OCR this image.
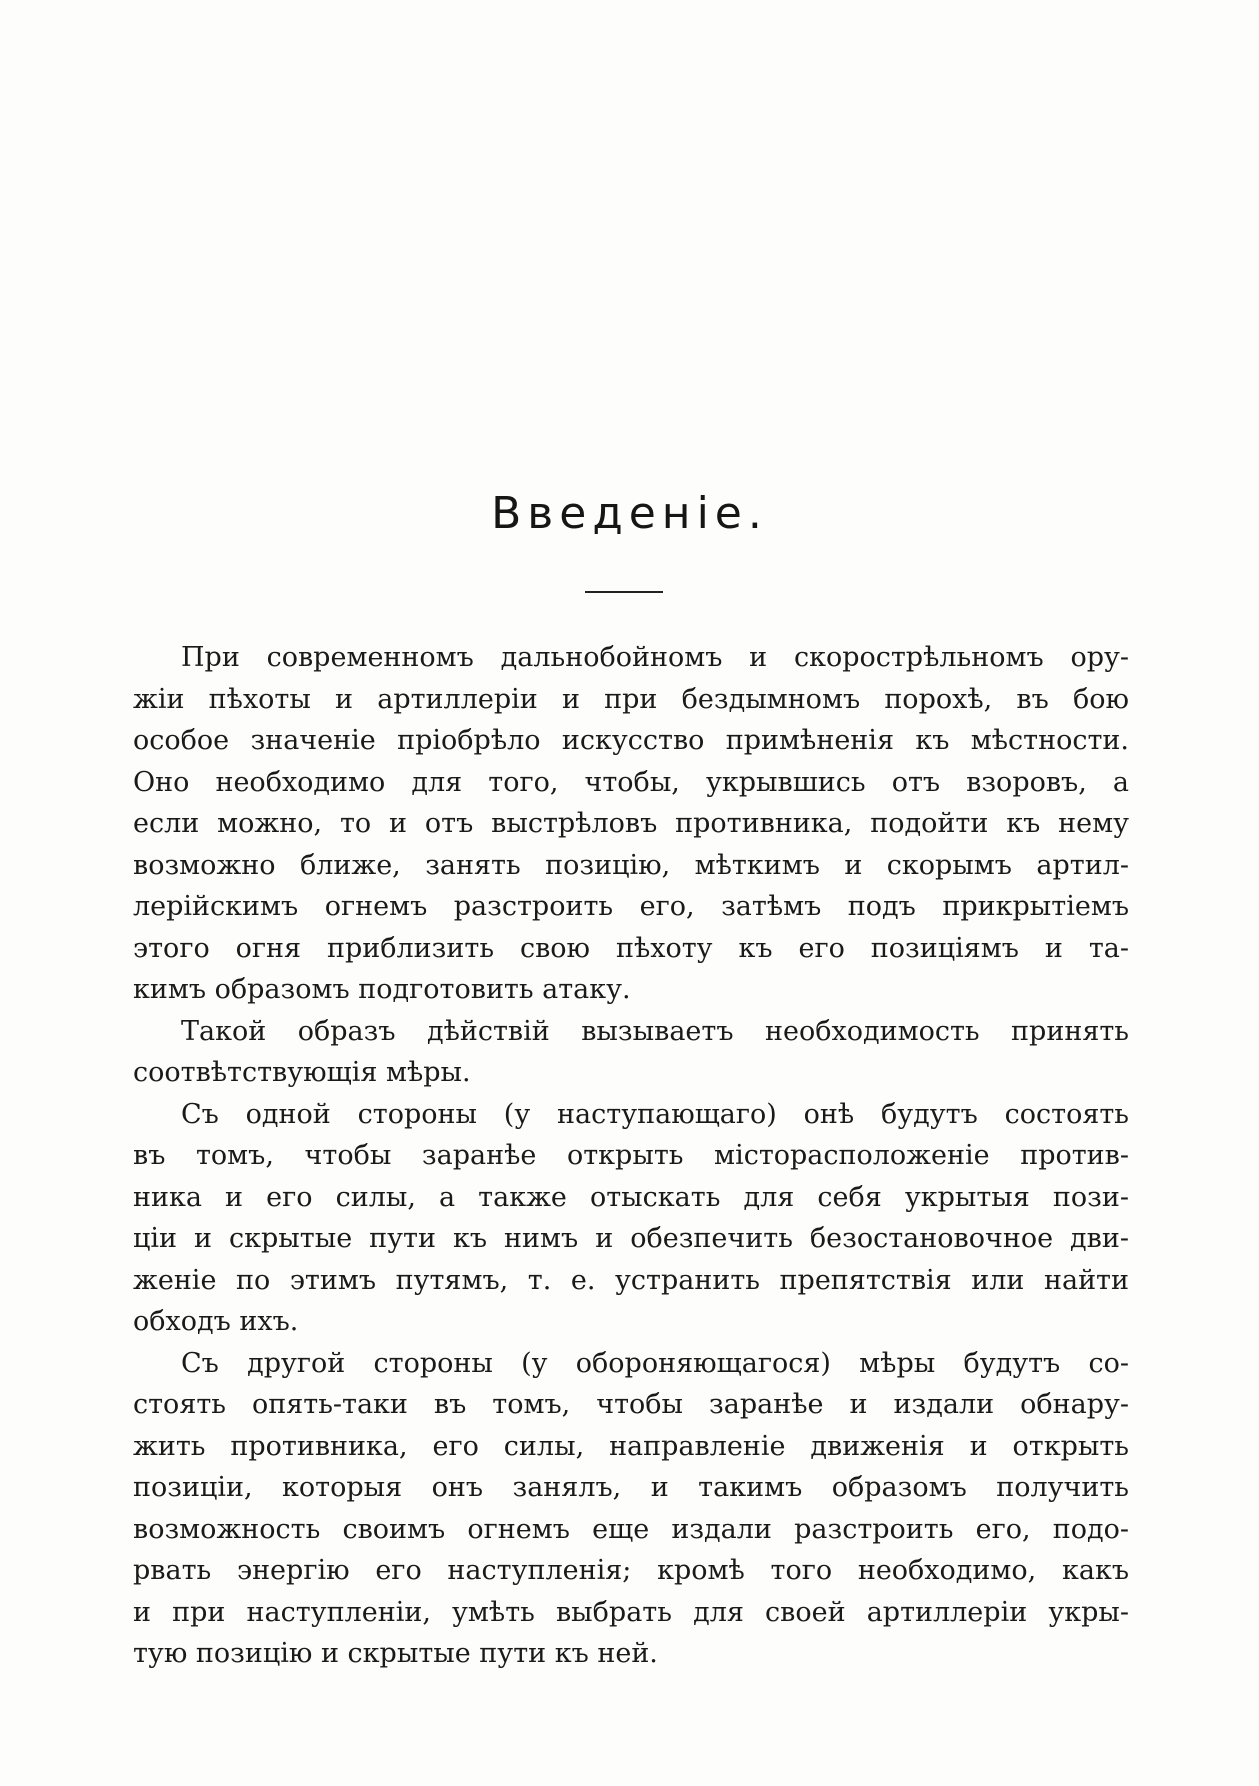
Введеніе.
При современномъ дальнобойномъ и скорострѣльномъ ору-
жіи пѣхоты и артиллеріи и при бездымномъ порохѣ, въ бою
особое значеніе пріобрѣло искусство примѣненія къ мѣстности.
Оно необходимо для того, чтобы, укрывшись отъ взоровъ, а
если можно, то и отъ выстрѣловъ противника, подойти къ нему
возможно ближе, занять позицію, мѣткимъ и скорымъ артил-
лерійскимъ огнемъ разстроить его, затѣмъ подъ прикрытіемъ
этого огня приблизить свою пѣхоту къ его позиціямъ и та-
кимъ образомъ подготовить атаку.
Такой образъ дѣйствій вызываетъ необходимость принять
соотвѣтствующія мѣры.
Съ одной стороны (у наступающаго) онѣ будутъ состоять
въ томъ, чтобы заранѣе открыть місторасположеніе против-
ника и его силы, а также отыскать для себя укрытыя пози-
ціи и скрытые пути къ нимъ и обезпечить безостановочное дви-
женіе по этимъ путямъ, т. е. устранить препятствія или найти
обходъ ихъ.
Съ другой стороны (у обороняющагося) мѣры будутъ со-
стоять опять-таки въ томъ, чтобы заранѣе и издали обнару-
жить противника, его силы, направленіе движенія и открыть
позиціи, которыя онъ занялъ, и такимъ образомъ получить
возможность своимъ огнемъ еще издали разстроить его, подо-
рвать энергію его наступленія; кромѣ того необходимо, какъ
и при наступленіи, умѣть выбрать для своей артиллеріи укры-
тую позицію и скрытые пути къ ней.
